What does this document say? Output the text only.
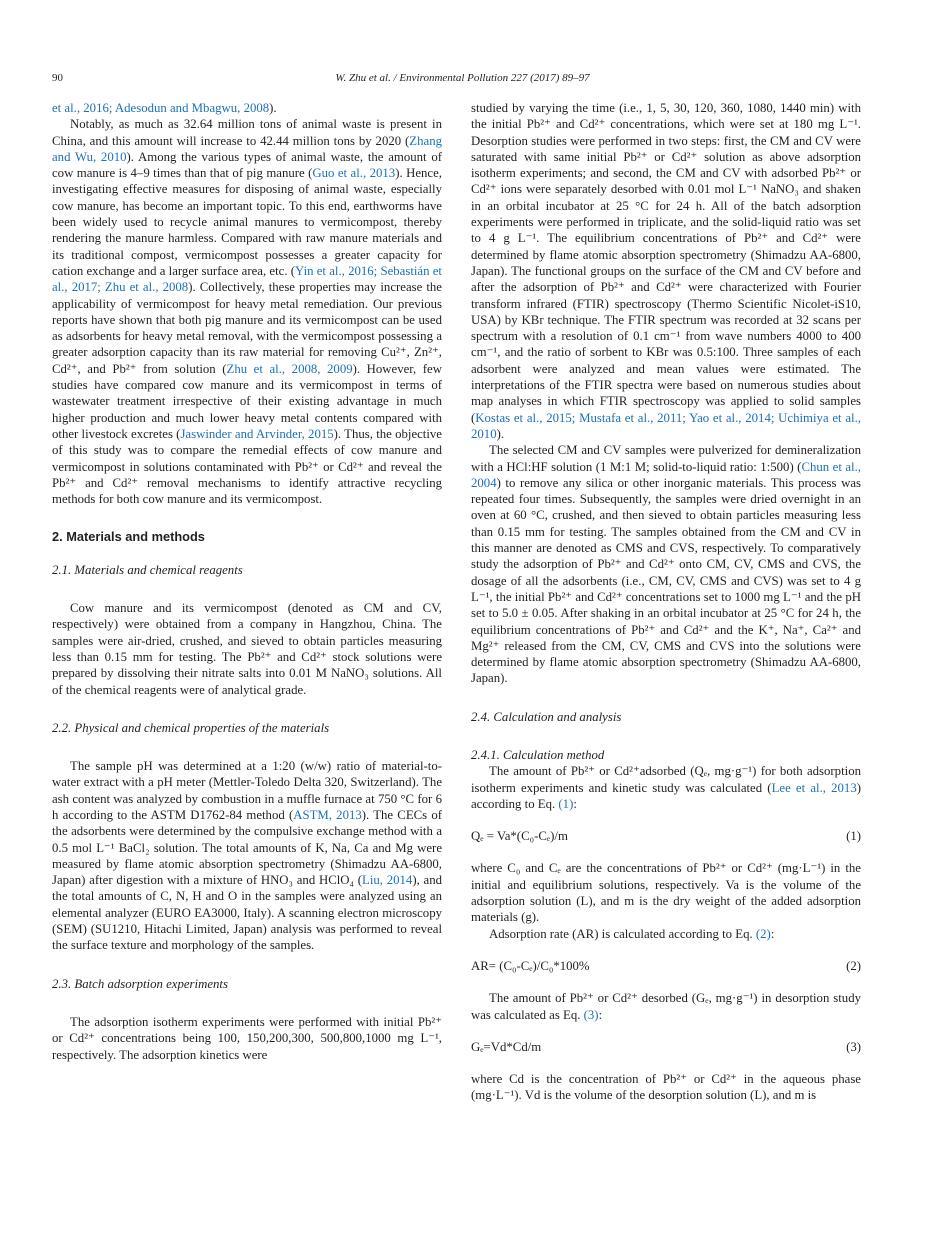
90	W. Zhu et al. / Environmental Pollution 227 (2017) 89–97

et al., 2016; Adesodun and Mbagwu, 2008).

Notably, as much as 32.64 million tons of animal waste is present in China, and this amount will increase to 42.44 million tons by 2020 (Zhang and Wu, 2010). Among the various types of animal waste, the amount of cow manure is 4–9 times than that of pig manure (Guo et al., 2013). Hence, investigating effective measures for disposing of animal waste, especially cow manure, has become an important topic. To this end, earthworms have been widely used to recycle animal manures to vermicompost, thereby rendering the manure harmless. Compared with raw manure materials and its traditional compost, vermicompost possesses a greater capacity for cation exchange and a larger surface area, etc. (Yin et al., 2016; Sebastián et al., 2017; Zhu et al., 2008). Collectively, these properties may increase the applicability of vermicompost for heavy metal remediation. Our previous reports have shown that both pig manure and its vermicompost can be used as adsorbents for heavy metal removal, with the vermicompost possessing a greater adsorption capacity than its raw material for removing Cu²⁺, Zn²⁺, Cd²⁺, and Pb²⁺ from solution (Zhu et al., 2008, 2009). However, few studies have compared cow manure and its vermicompost in terms of wastewater treatment irrespective of their existing advantage in much higher production and much lower heavy metal contents compared with other livestock excretes (Jaswinder and Arvinder, 2015). Thus, the objective of this study was to compare the remedial effects of cow manure and vermicompost in solutions contaminated with Pb²⁺ or Cd²⁺ and reveal the Pb²⁺ and Cd²⁺ removal mechanisms to identify attractive recycling methods for both cow manure and its vermicompost.

2. Materials and methods
2.1. Materials and chemical reagents

Cow manure and its vermicompost (denoted as CM and CV, respectively) were obtained from a company in Hangzhou, China. The samples were air-dried, crushed, and sieved to obtain particles measuring less than 0.15 mm for testing. The Pb²⁺ and Cd²⁺ stock solutions were prepared by dissolving their nitrate salts into 0.01 M NaNO₃ solutions. All of the chemical reagents were of analytical grade.

2.2. Physical and chemical properties of the materials

The sample pH was determined at a 1:20 (w/w) ratio of material-to-water extract with a pH meter (Mettler-Toledo Delta 320, Switzerland). The ash content was analyzed by combustion in a muffle furnace at 750 °C for 6 h according to the ASTM D1762-84 method (ASTM, 2013). The CECs of the adsorbents were determined by the compulsive exchange method with a 0.5 mol L⁻¹ BaCl₂ solution. The total amounts of K, Na, Ca and Mg were measured by flame atomic absorption spectrometry (Shimadzu AA-6800, Japan) after digestion with a mixture of HNO₃ and HClO₄ (Liu, 2014), and the total amounts of C, N, H and O in the samples were analyzed using an elemental analyzer (EURO EA3000, Italy). A scanning electron microscopy (SEM) (SU1210, Hitachi Limited, Japan) analysis was performed to reveal the surface texture and morphology of the samples.

2.3. Batch adsorption experiments

The adsorption isotherm experiments were performed with initial Pb²⁺ or Cd²⁺ concentrations being 100, 150,200,300, 500,800,1000 mg L⁻¹, respectively. The adsorption kinetics were

studied by varying the time (i.e., 1, 5, 30, 120, 360, 1080, 1440 min) with the initial Pb²⁺ and Cd²⁺ concentrations, which were set at 180 mg L⁻¹. Desorption studies were performed in two steps: first, the CM and CV were saturated with same initial Pb²⁺ or Cd²⁺ solution as above adsorption isotherm experiments; and second, the CM and CV with adsorbed Pb²⁺ or Cd²⁺ ions were separately desorbed with 0.01 mol L⁻¹ NaNO₃ and shaken in an orbital incubator at 25 °C for 24 h. All of the batch adsorption experiments were performed in triplicate, and the solid-liquid ratio was set to 4 g L⁻¹. The equilibrium concentrations of Pb²⁺ and Cd²⁺ were determined by flame atomic absorption spectrometry (Shimadzu AA-6800, Japan). The functional groups on the surface of the CM and CV before and after the adsorption of Pb²⁺ and Cd²⁺ were characterized with Fourier transform infrared (FTIR) spectroscopy (Thermo Scientific Nicolet-iS10, USA) by KBr technique. The FTIR spectrum was recorded at 32 scans per spectrum with a resolution of 0.1 cm⁻¹ from wave numbers 4000 to 400 cm⁻¹, and the ratio of sorbent to KBr was 0.5:100. Three samples of each adsorbent were analyzed and mean values were estimated. The interpretations of the FTIR spectra were based on numerous studies about map analyses in which FTIR spectroscopy was applied to solid samples (Kostas et al., 2015; Mustafa et al., 2011; Yao et al., 2014; Uchimiya et al., 2010).

The selected CM and CV samples were pulverized for demineralization with a HCl:HF solution (1 M:1 M; solid-to-liquid ratio: 1:500) (Chun et al., 2004) to remove any silica or other inorganic materials. This process was repeated four times. Subsequently, the samples were dried overnight in an oven at 60 °C, crushed, and then sieved to obtain particles measuring less than 0.15 mm for testing. The samples obtained from the CM and CV in this manner are denoted as CMS and CVS, respectively. To comparatively study the adsorption of Pb²⁺ and Cd²⁺ onto CM, CV, CMS and CVS, the dosage of all the adsorbents (i.e., CM, CV, CMS and CVS) was set to 4 g L⁻¹, the initial Pb²⁺ and Cd²⁺ concentrations set to 1000 mg L⁻¹ and the pH set to 5.0 ± 0.05. After shaking in an orbital incubator at 25 °C for 24 h, the equilibrium concentrations of Pb²⁺ and Cd²⁺ and the K⁺, Na⁺, Ca²⁺ and Mg²⁺ released from the CM, CV, CMS and CVS into the solutions were determined by flame atomic absorption spectrometry (Shimadzu AA-6800, Japan).

2.4. Calculation and analysis
2.4.1. Calculation method

The amount of Pb²⁺ or Cd²⁺adsorbed (Qₑ, mg·g⁻¹) for both adsorption isotherm experiments and kinetic study was calculated (Lee et al., 2013) according to Eq. (1):

Qₑ = Va*(C₀-Cₑ)/m	(1)

where C₀ and Cₑ are the concentrations of Pb²⁺ or Cd²⁺ (mg·L⁻¹) in the initial and equilibrium solutions, respectively. Va is the volume of the adsorption solution (L), and m is the dry weight of the added adsorption materials (g).

Adsorption rate (AR) is calculated according to Eq. (2):

AR= (C₀-Cₑ)/C₀*100%	(2)

The amount of Pb²⁺ or Cd²⁺ desorbed (Gₑ, mg·g⁻¹) in desorption study was calculated as Eq. (3):

Gₑ=Vd*Cd/m	(3)

where Cd is the concentration of Pb²⁺ or Cd²⁺ in the aqueous phase (mg·L⁻¹). Vd is the volume of the desorption solution (L), and m is
